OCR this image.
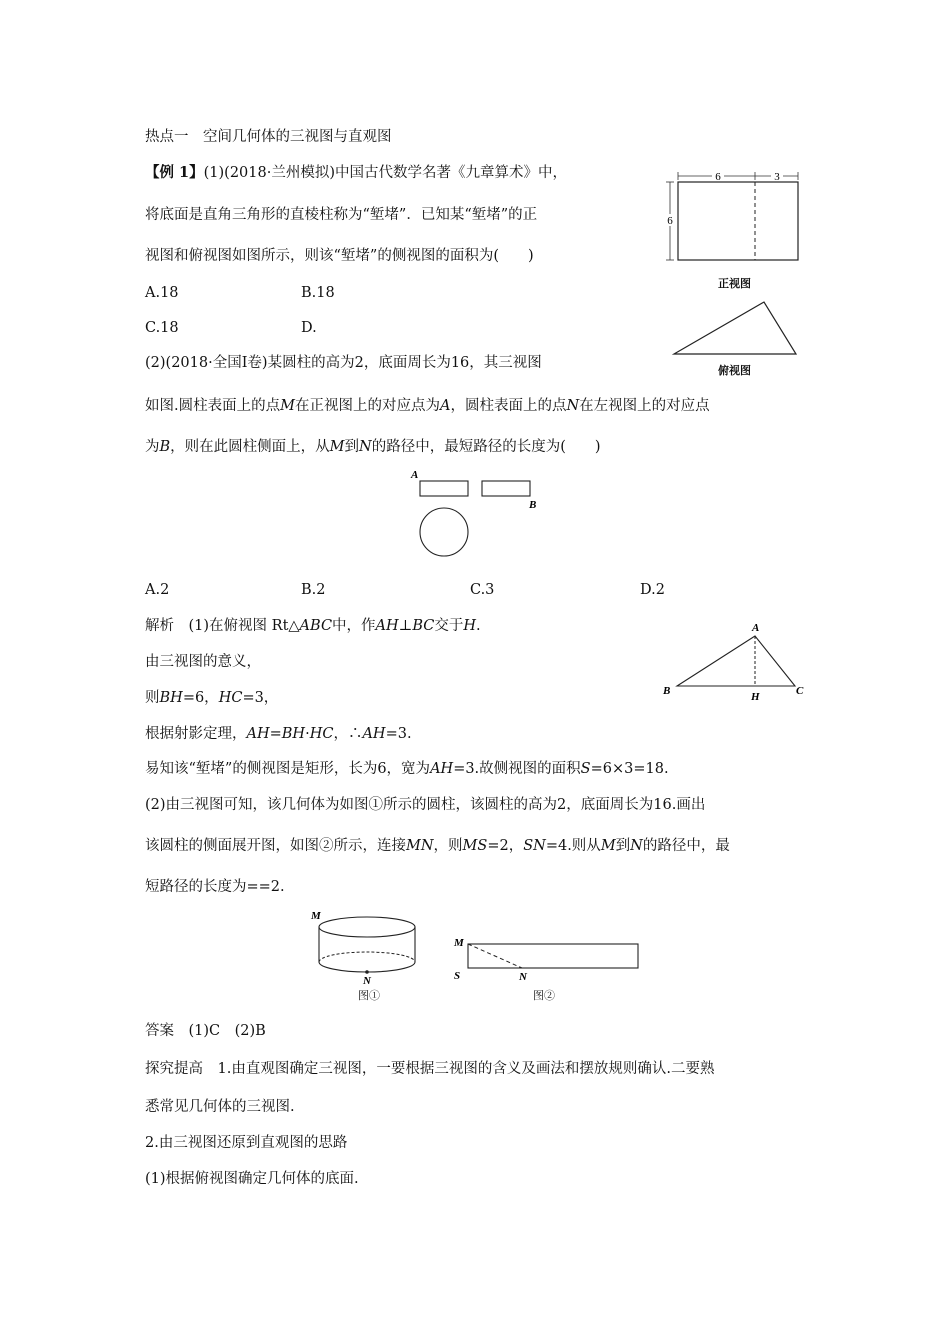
热点一　空间几何体的三视图与直观图
【例 1】(1)(2018·兰州模拟)中国古代数学名著《九章算术》中，
将底面是直角三角形的直棱柱称为“堑堵”．已知某“堑堵”的正
视图和俯视图如图所示，则该“堑堵”的侧视图的面积为(　　)
A.18	B.18
C.18	D.
(2)(2018·全国Ⅰ卷)某圆柱的高为2，底面周长为16，其三视图
如图.圆柱表面上的点M在正视图上的对应点为A，圆柱表面上的点N在左视图上的对应点
为B，则在此圆柱侧面上，从M到N的路径中，最短路径的长度为(　　)
A.2	B.2	C.3	D.2
6	3
6
正视图
俯视图
A
B
解析　(1)在俯视图 Rt△ABC中，作AH⊥BC交于H.
由三视图的意义，
则BH=6，HC=3，
根据射影定理，AH=BH·HC，∴AH=3.
易知该“堑堵”的侧视图是矩形，长为6，宽为AH=3.故侧视图的面积S=6×3=18.
(2)由三视图可知，该几何体为如图①所示的圆柱，该圆柱的高为2，底面周长为16.画出
该圆柱的侧面展开图，如图②所示，连接MN，则MS=2，SN=4.则从M到N的路径中，最
短路径的长度为==2.
A
B	H	C
M
N
图①
M
S	N
图②
答案　(1)C　(2)B
探究提高　1.由直观图确定三视图，一要根据三视图的含义及画法和摆放规则确认.二要熟
悉常见几何体的三视图.
2.由三视图还原到直观图的思路
(1)根据俯视图确定几何体的底面.
